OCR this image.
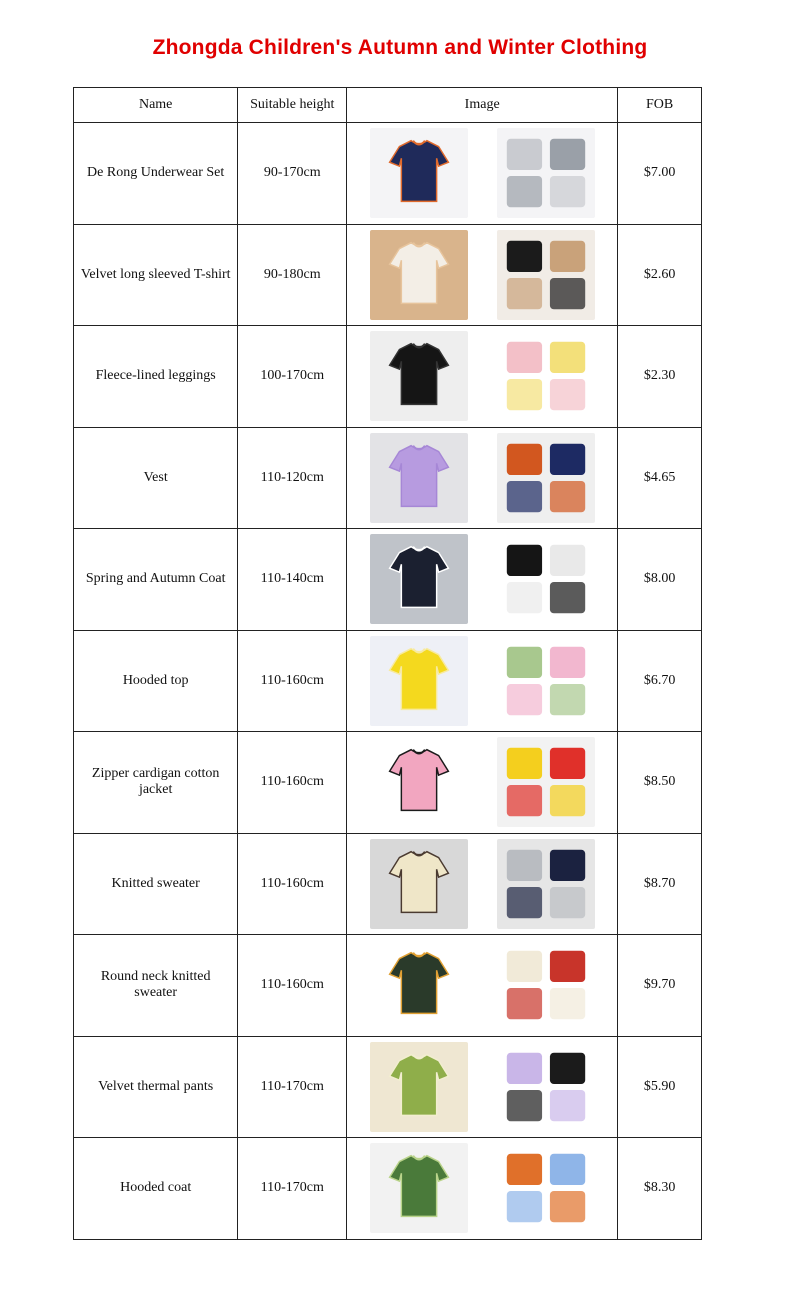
Zhongda Children's Autumn and Winter Clothing
Name	Suitable height	Image	FOB
De Rong Underwear Set	90-170cm		$7.00
Velvet long sleeved T-shirt	90-180cm		$2.60
Fleece-lined leggings	100-170cm		$2.30
Vest	110-120cm		$4.65
Spring and Autumn Coat	110-140cm		$8.00
Hooded top	110-160cm		$6.70
Zipper cardigan cotton jacket	110-160cm		$8.50
Knitted sweater	110-160cm		$8.70
Round neck knitted sweater	110-160cm		$9.70
Velvet thermal pants	110-170cm		$5.90
Hooded coat	110-170cm		$8.30
